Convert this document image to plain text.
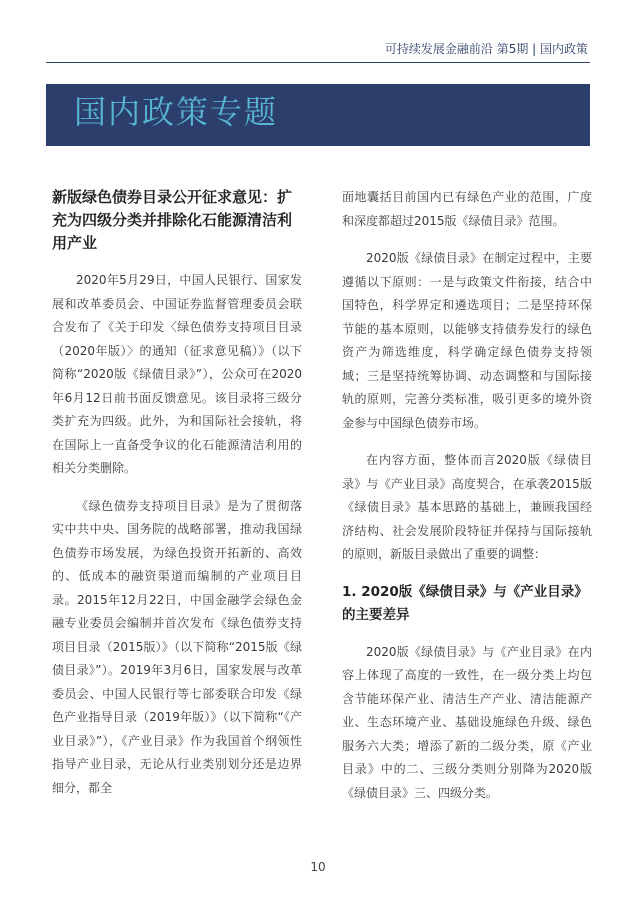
可持续发展金融前沿 第5期 | 国内政策
国内政策专题
新版绿色债券目录公开征求意见：扩充为四级分类并排除化石能源清洁利用产业

2020年5月29日，中国人民银行、国家发展和改革委员会、中国证券监督管理委员会联合发布了《关于印发〈绿色债券支持项目目录（2020年版）〉的通知（征求意见稿）》（以下简称“2020版《绿债目录》”），公众可在2020年6月12日前书面反馈意见。该目录将三级分类扩充为四级。此外，为和国际社会接轨，将在国际上一直备受争议的化石能源清洁利用的相关分类删除。

《绿色债券支持项目目录》是为了贯彻落实中共中央、国务院的战略部署，推动我国绿色债券市场发展，为绿色投资开拓新的、高效的、低成本的融资渠道而编制的产业项目目录。2015年12月22日，中国金融学会绿色金融专业委员会编制并首次发布《绿色债券支持项目目录（2015版）》（以下简称“2015版《绿债目录》”）。2019年3月6日，国家发展与改革委员会、中国人民银行等七部委联合印发《绿色产业指导目录（2019年版）》（以下简称“《产业目录》”），《产业目录》作为我国首个纲领性指导产业目录，无论从行业类别划分还是边界细分，都全

面地囊括目前国内已有绿色产业的范围，广度和深度都超过2015版《绿债目录》范围。

2020版《绿债目录》在制定过程中，主要遵循以下原则：一是与政策文件衔接，结合中国特色，科学界定和遴选项目；二是坚持环保节能的基本原则，以能够支持债券发行的绿色资产为筛选维度，科学确定绿色债券支持领域；三是坚持统筹协调、动态调整和与国际接轨的原则，完善分类标准，吸引更多的境外资金参与中国绿色债券市场。

在内容方面，整体而言2020版《绿债目录》与《产业目录》高度契合，在承袭2015版《绿债目录》基本思路的基础上，兼顾我国经济结构、社会发展阶段特征并保持与国际接轨的原则，新版目录做出了重要的调整：

1. 2020版《绿债目录》与《产业目录》的主要差异

2020版《绿债目录》与《产业目录》在内容上体现了高度的一致性，在一级分类上均包含节能环保产业、清洁生产产业、清洁能源产业、生态环境产业、基础设施绿色升级、绿色服务六大类；增添了新的二级分类，原《产业目录》中的二、三级分类则分别降为2020版《绿债目录》三、四级分类。

10
